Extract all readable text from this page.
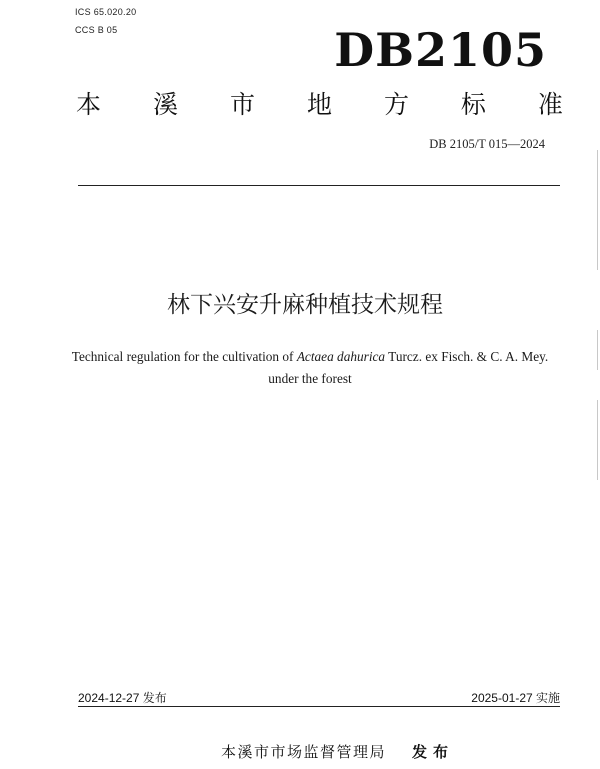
ICS 65.020.20
CCS B 05	DB2105
本 溪 市 地 方 标 准
DB 2105/T 015—2024
林下兴安升麻种植技术规程
Technical regulation for the cultivation of Actaea dahurica Turcz. ex Fisch. & C. A. Mey. under the forest
2024-12-27 发布	2025-01-27 实施
本溪市市场监督管理局 发布
